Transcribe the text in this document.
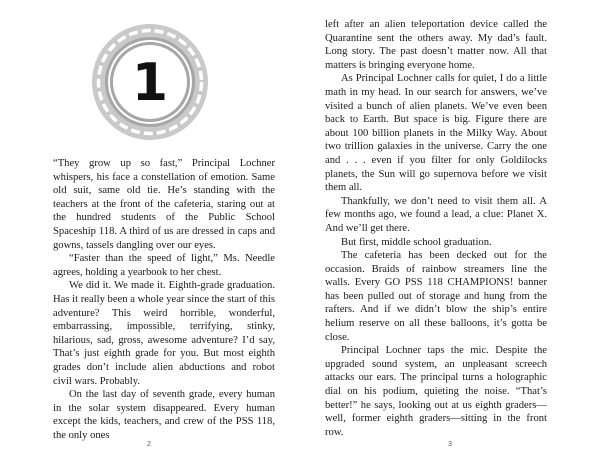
1

“They grow up so fast,” Principal Lochner whispers, his face a constellation of emotion. Same old suit, same old tie. He’s standing with the teachers at the front of the cafeteria, staring out at the hundred students of the Public School Spaceship 118. A third of us are dressed in caps and gowns, tassels dangling over our eyes.

“Faster than the speed of light,” Ms. Needle agrees, holding a yearbook to her chest.

We did it. We made it. Eighth-grade graduation. Has it really been a whole year since the start of this adventure? This weird horrible, wonderful, embarrassing, impossible, terrifying, stinky, hilarious, sad, gross, awesome adventure? I’d say, That’s just eighth grade for you. But most eighth grades don’t include alien abductions and robot civil wars. Probably.

On the last day of seventh grade, every human in the solar system disappeared. Every human except the kids, teachers, and crew of the PSS 118, the only ones

2

left after an alien teleportation device called the Quarantine sent the others away. My dad’s fault. Long story. The past doesn’t matter now. All that matters is bringing everyone home.

As Principal Lochner calls for quiet, I do a little math in my head. In our search for answers, we’ve visited a bunch of alien planets. We’ve even been back to Earth. But space is big. Figure there are about 100 billion planets in the Milky Way. About two trillion galaxies in the universe. Carry the one and . . . even if you filter for only Goldilocks planets, the Sun will go supernova before we visit them all.

Thankfully, we don’t need to visit them all. A few months ago, we found a lead, a clue: Planet X. And we’ll get there.

But first, middle school graduation.

The cafeteria has been decked out for the occasion. Braids of rainbow streamers line the walls. Every GO PSS 118 CHAMPIONS! banner has been pulled out of storage and hung from the rafters. And if we didn’t blow the ship’s entire helium reserve on all these balloons, it’s gotta be close.

Principal Lochner taps the mic. Despite the upgraded sound system, an unpleasant screech attacks our ears. The principal turns a holographic dial on his podium, quieting the noise. “That’s better!” he says, looking out at us eighth graders—well, former eighth graders—sitting in the front row.

3
